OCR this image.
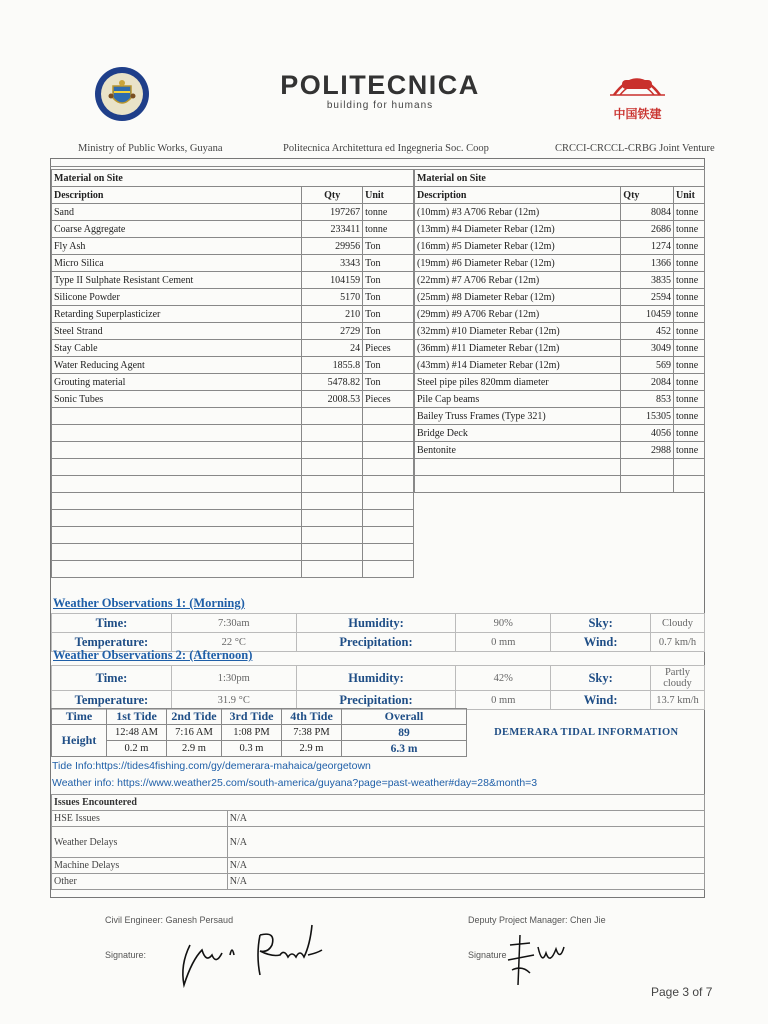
POLITECNICA
building for humans
中国铁建
Ministry of Public Works, Guyana	Politecnica Architettura ed Ingegneria Soc. Coop	CRCCI-CRCCL-CRBG Joint Venture
Material on Site		
Description	Qty	Unit
Sand	197267	tonne
Coarse Aggregate	233411	tonne
Fly Ash	29956	Ton
Micro Silica	3343	Ton
Type II Sulphate Resistant Cement	104159	Ton
Silicone Powder	5170	Ton
Retarding Superplasticizer	210	Ton
Steel Strand	2729	Ton
Stay Cable	24	Pieces
Water Reducing Agent	1855.8	Ton
Grouting material	5478.82	Ton
Sonic Tubes	2008.53	Pieces

Material on Site		
Description	Qty	Unit
(10mm) #3 A706 Rebar (12m)	8084	tonne
(13mm) #4 Diameter Rebar (12m)	2686	tonne
(16mm) #5 Diameter Rebar (12m)	1274	tonne
(19mm) #6 Diameter Rebar (12m)	1366	tonne
(22mm) #7 A706 Rebar (12m)	3835	tonne
(25mm) #8 Diameter Rebar (12m)	2594	tonne
(29mm) #9 A706 Rebar (12m)	10459	tonne
(32mm) #10 Diameter Rebar (12m)	452	tonne
(36mm) #11 Diameter Rebar (12m)	3049	tonne
(43mm) #14 Diameter Rebar (12m)	569	tonne
Steel pipe piles 820mm diameter	2084	tonne
Pile Cap beams	853	tonne
Bailey Truss Frames (Type 321)	15305	tonne
Bridge Deck	4056	tonne
Bentonite	2988	tonne

Weather Observations 1: (Morning)
Time:	7:30am	Humidity:	90%	Sky:	Cloudy
Temperature:	22 °C	Precipitation:	0 mm	Wind:	0.7 km/h
Weather Observations 2: (Afternoon)
Time:	1:30pm	Humidity:	42%	Sky:	Partly cloudy
Temperature:	31.9 °C	Precipitation:	0 mm	Wind:	13.7 km/h
Time	1st Tide	2nd Tide	3rd Tide	4th Tide	Overall	DEMERARA TIDAL INFORMATION
Height	12:48 AM	7:16 AM	1:08 PM	7:38 PM	89	
	0.2 m	2.9 m	0.3 m	2.9 m	6.3 m	
Tide Info:https://tides4fishing.com/gy/demerara-mahaica/georgetown
Weather info: https://www.weather25.com/south-america/guyana?page=past-weather#day=28&month=3
Issues Encountered	
HSE Issues	N/A
Weather Delays	N/A
Machine Delays	N/A
Other	N/A
Civil Engineer: Ganesh Persaud
Signature:
Deputy Project Manager: Chen Jie
Signature
Page 3 of 7
